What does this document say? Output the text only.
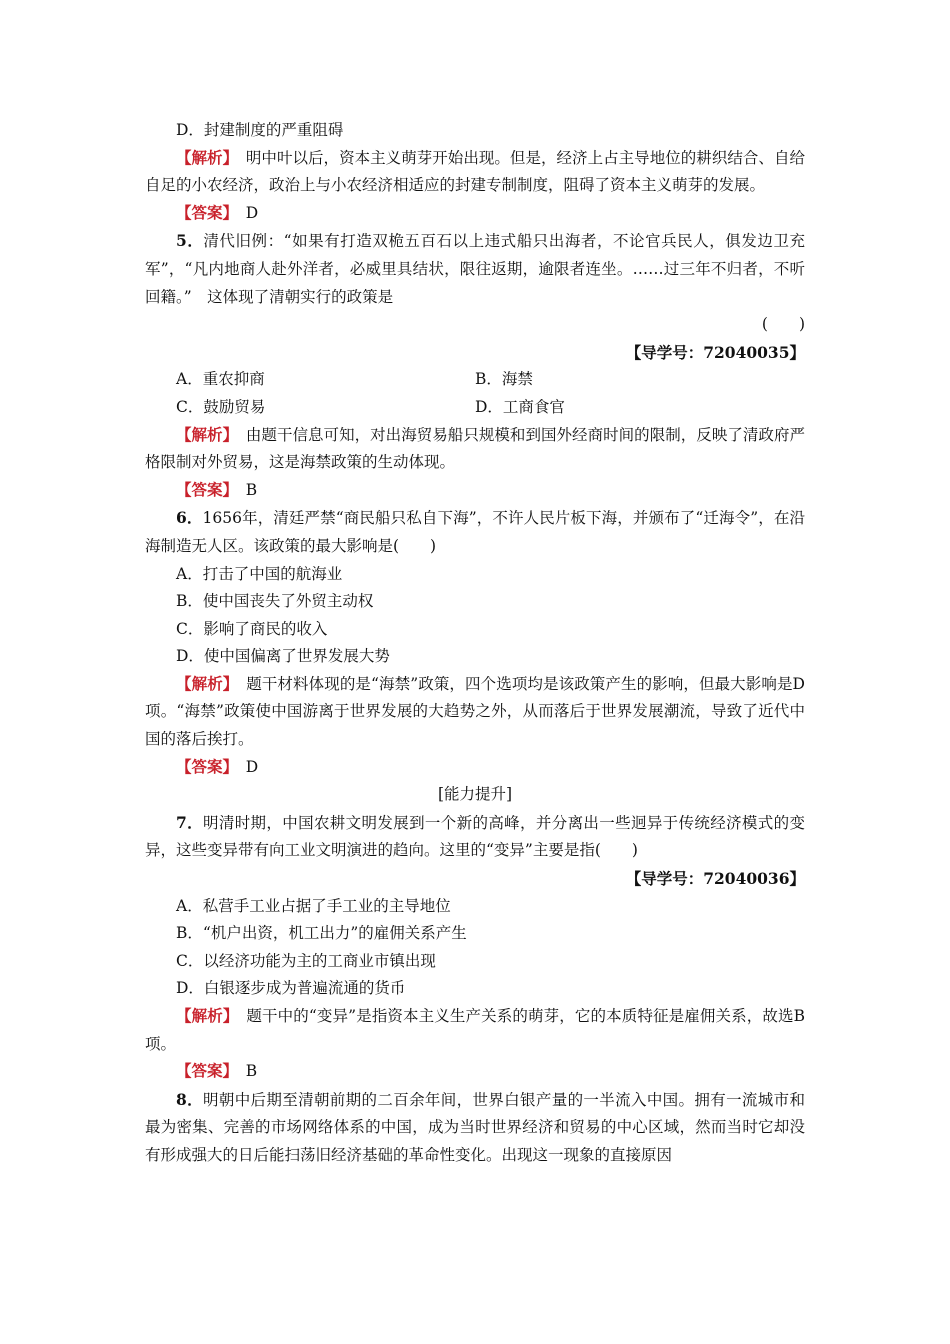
D．封建制度的严重阻碍

【解析】　明中叶以后，资本主义萌芽开始出现。但是，经济上占主导地位的耕织结合、自给自足的小农经济，政治上与小农经济相适应的封建专制制度，阻碍了资本主义萌芽的发展。

【答案】　D

5．清代旧例：“如果有打造双桅五百石以上违式船只出海者，不论官兵民人，俱发边卫充军”，“凡内地商人赴外洋者，必威里具结状，限往返期，逾限者连坐。……过三年不归者，不听回籍。”　这体现了清朝实行的政策是

(　　)

【导学号：72040035】

A．重农抑商	B．海禁
C．鼓励贸易	D．工商食官

【解析】　由题干信息可知，对出海贸易船只规模和到国外经商时间的限制，反映了清政府严格限制对外贸易，这是海禁政策的生动体现。

【答案】　B

6．1656年，清廷严禁“商民船只私自下海”，不许人民片板下海，并颁布了“迁海令”，在沿海制造无人区。该政策的最大影响是(　　)

A．打击了中国的航海业

B．使中国丧失了外贸主动权

C．影响了商民的收入

D．使中国偏离了世界发展大势

【解析】　题干材料体现的是“海禁”政策，四个选项均是该政策产生的影响，但最大影响是D项。“海禁”政策使中国游离于世界发展的大趋势之外，从而落后于世界发展潮流，导致了近代中国的落后挨打。

【答案】　D

[能力提升]

7．明清时期，中国农耕文明发展到一个新的高峰，并分离出一些迥异于传统经济模式的变异，这些变异带有向工业文明演进的趋向。这里的“变异”主要是指(　　)

【导学号：72040036】

A．私营手工业占据了手工业的主导地位

B．“机户出资，机工出力”的雇佣关系产生

C．以经济功能为主的工商业市镇出现

D．白银逐步成为普遍流通的货币

【解析】　题干中的“变异”是指资本主义生产关系的萌芽，它的本质特征是雇佣关系，故选B项。

【答案】　B

8．明朝中后期至清朝前期的二百余年间，世界白银产量的一半流入中国。拥有一流城市和最为密集、完善的市场网络体系的中国，成为当时世界经济和贸易的中心区域，然而当时它却没有形成强大的日后能扫荡旧经济基础的革命性变化。出现这一现象的直接原因
